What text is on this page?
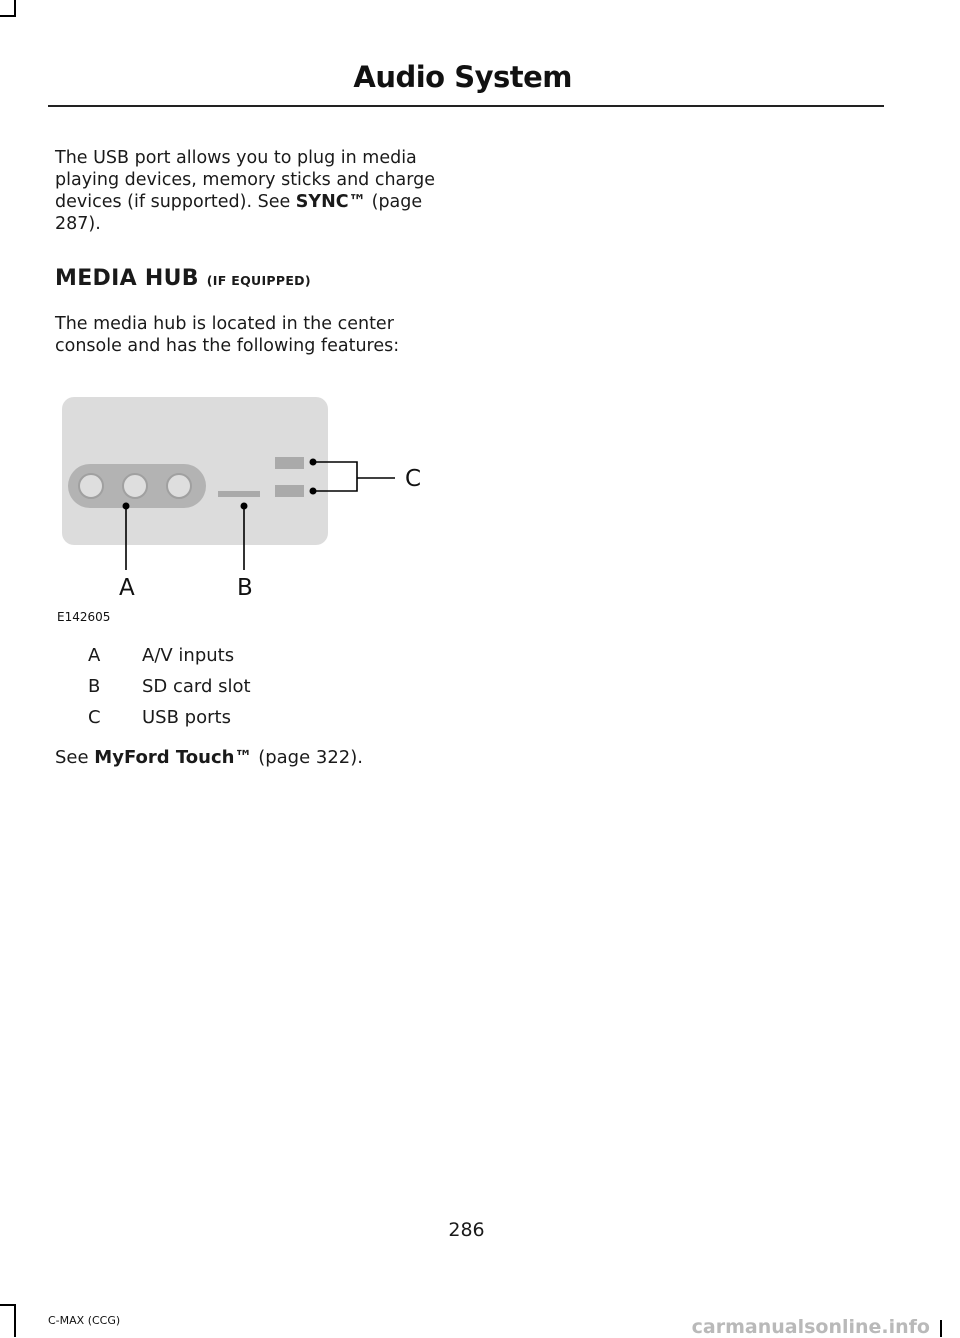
Audio System

The USB port allows you to plug in media playing devices, memory sticks and charge devices (if supported). See SYNC™ (page 287).

MEDIA HUB (IF EQUIPPED)

The media hub is located in the center console and has the following features:

A	B
C
E142605
A A/V inputs
B SD card slot
C USB ports

See MyFord Touch™ (page 322).

286
C-MAX (CCG)	carmanualsonline.info
